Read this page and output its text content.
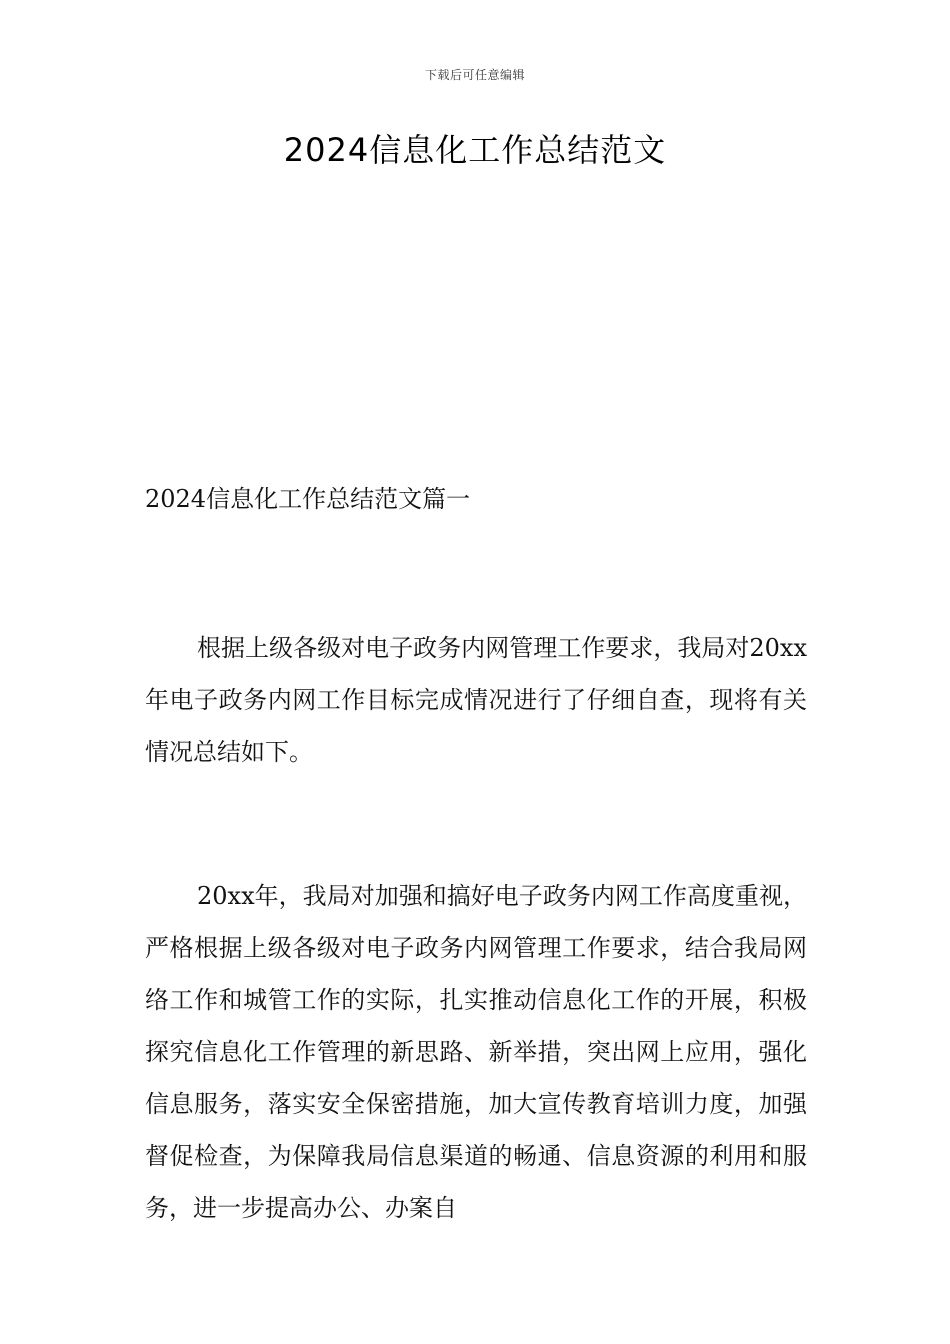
下载后可任意编辑
2024信息化工作总结范文
2024信息化工作总结范文篇一

根据上级各级对电子政务内网管理工作要求，我局对20xx年电子政务内网工作目标完成情况进行了仔细自查，现将有关情况总结如下。

20xx年，我局对加强和搞好电子政务内网工作高度重视，严格根据上级各级对电子政务内网管理工作要求，结合我局网络工作和城管工作的实际，扎实推动信息化工作的开展，积极探究信息化工作管理的新思路、新举措，突出网上应用，强化信息服务，落实安全保密措施，加大宣传教育培训力度，加强督促检查，为保障我局信息渠道的畅通、信息资源的利用和服务，进一步提高办公、办案自
